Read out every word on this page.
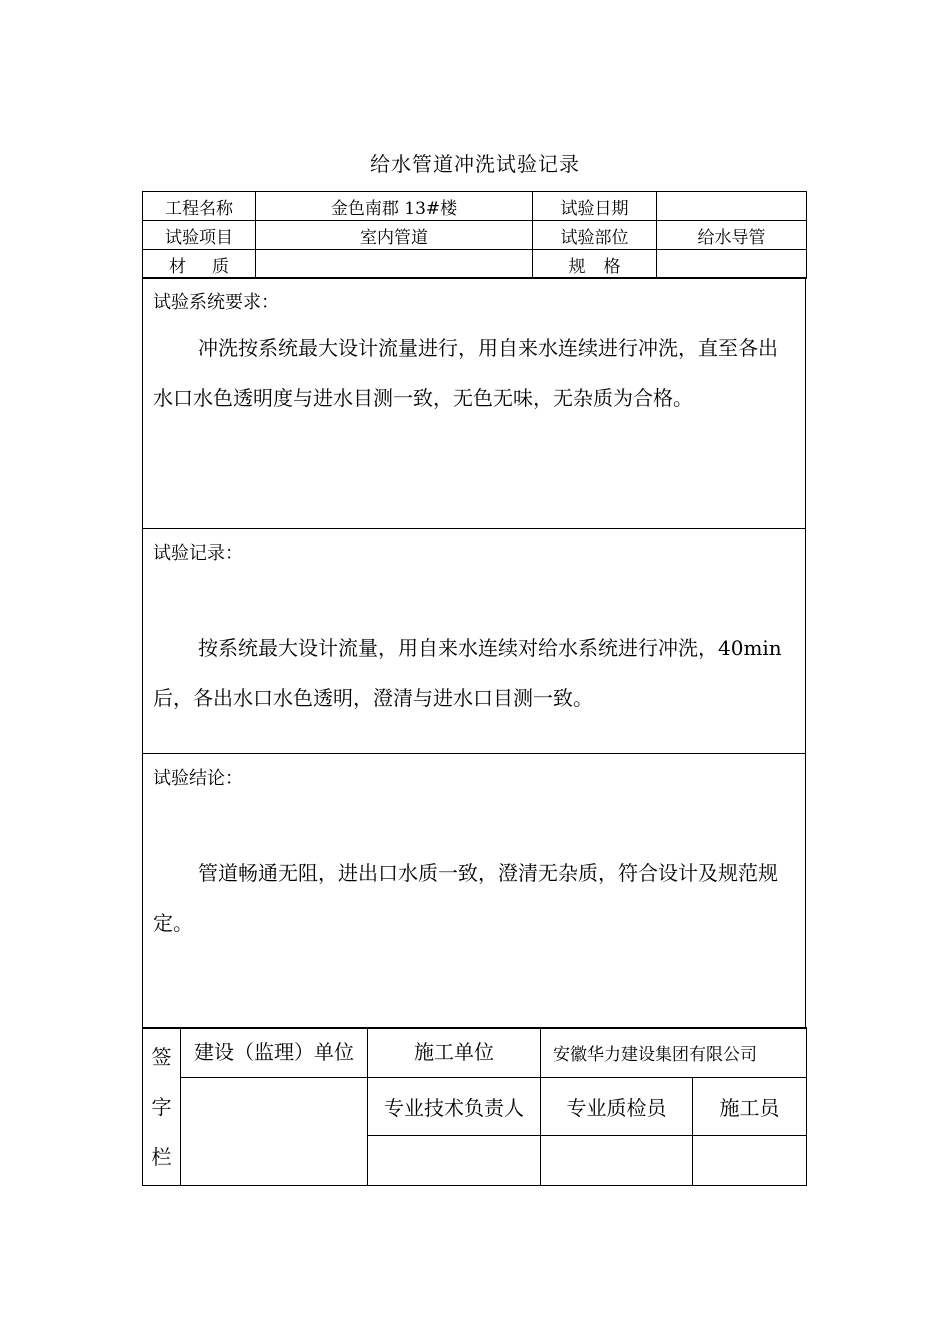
给水管道冲洗试验记录
工程名称	金色南郡 13#楼	试验日期	
试验项目	室内管道	试验部位	给水导管
材质		规格	
试验系统要求：

冲洗按系统最大设计流量进行，用自来水连续进行冲洗，直至各出水口水色透明度与进水目测一致，无色无味，无杂质为合格。

试验记录：

按系统最大设计流量，用自来水连续对给水系统进行冲洗，40min 后，各出水口水色透明，澄清与进水口目测一致。

试验结论：

管道畅通无阻，进出口水质一致，澄清无杂质，符合设计及规范规定。

签
字
栏	建设（监理）单位	施工单位	安徽华力建设集团有限公司	
		专业技术负责人	专业质检员	施工员
